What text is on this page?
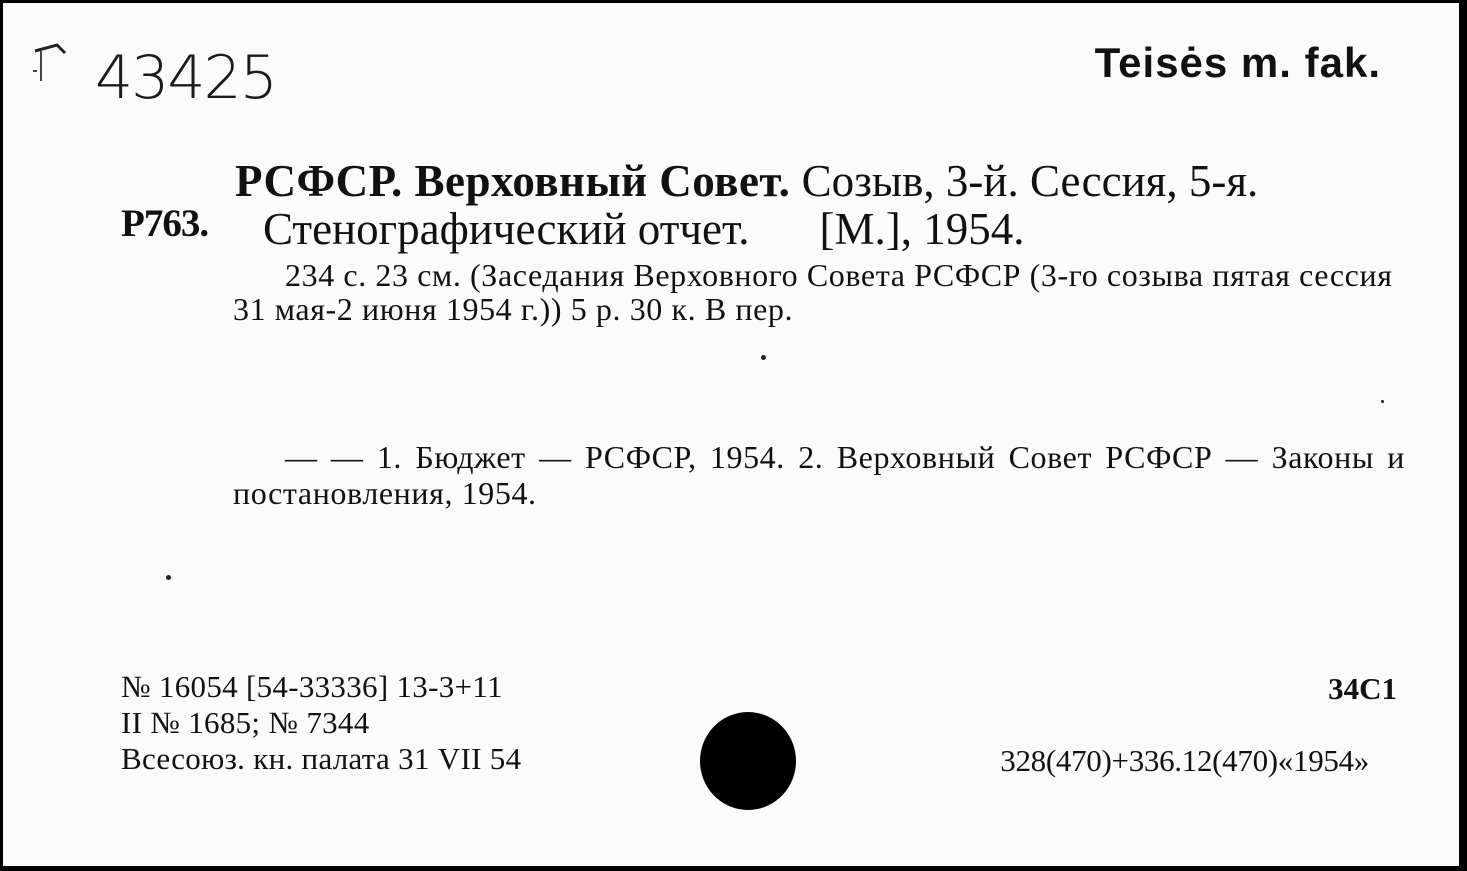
43425	Teisės m. fak.
РСФСР. Верховный Совет. Созыв, 3-й. Сессия, 5-я.
Р763. Стенографический отчет. [М.], 1954.
234 с. 23 см. (Заседания Верховного Совета РСФСР (3-го созыва пятая сессия 31 мая-2 июня 1954 г.)) 5 р. 30 к. В пер.
— — 1. Бюджет — РСФСР, 1954. 2. Верховный Совет РСФСР — Законы и постановления, 1954.
№ 16054 [54-33336] 13-3+11
II № 1685; № 7344
Всесоюз. кн. палата 31 VII 54
34С1
328(470)+336.12(470)«1954»
